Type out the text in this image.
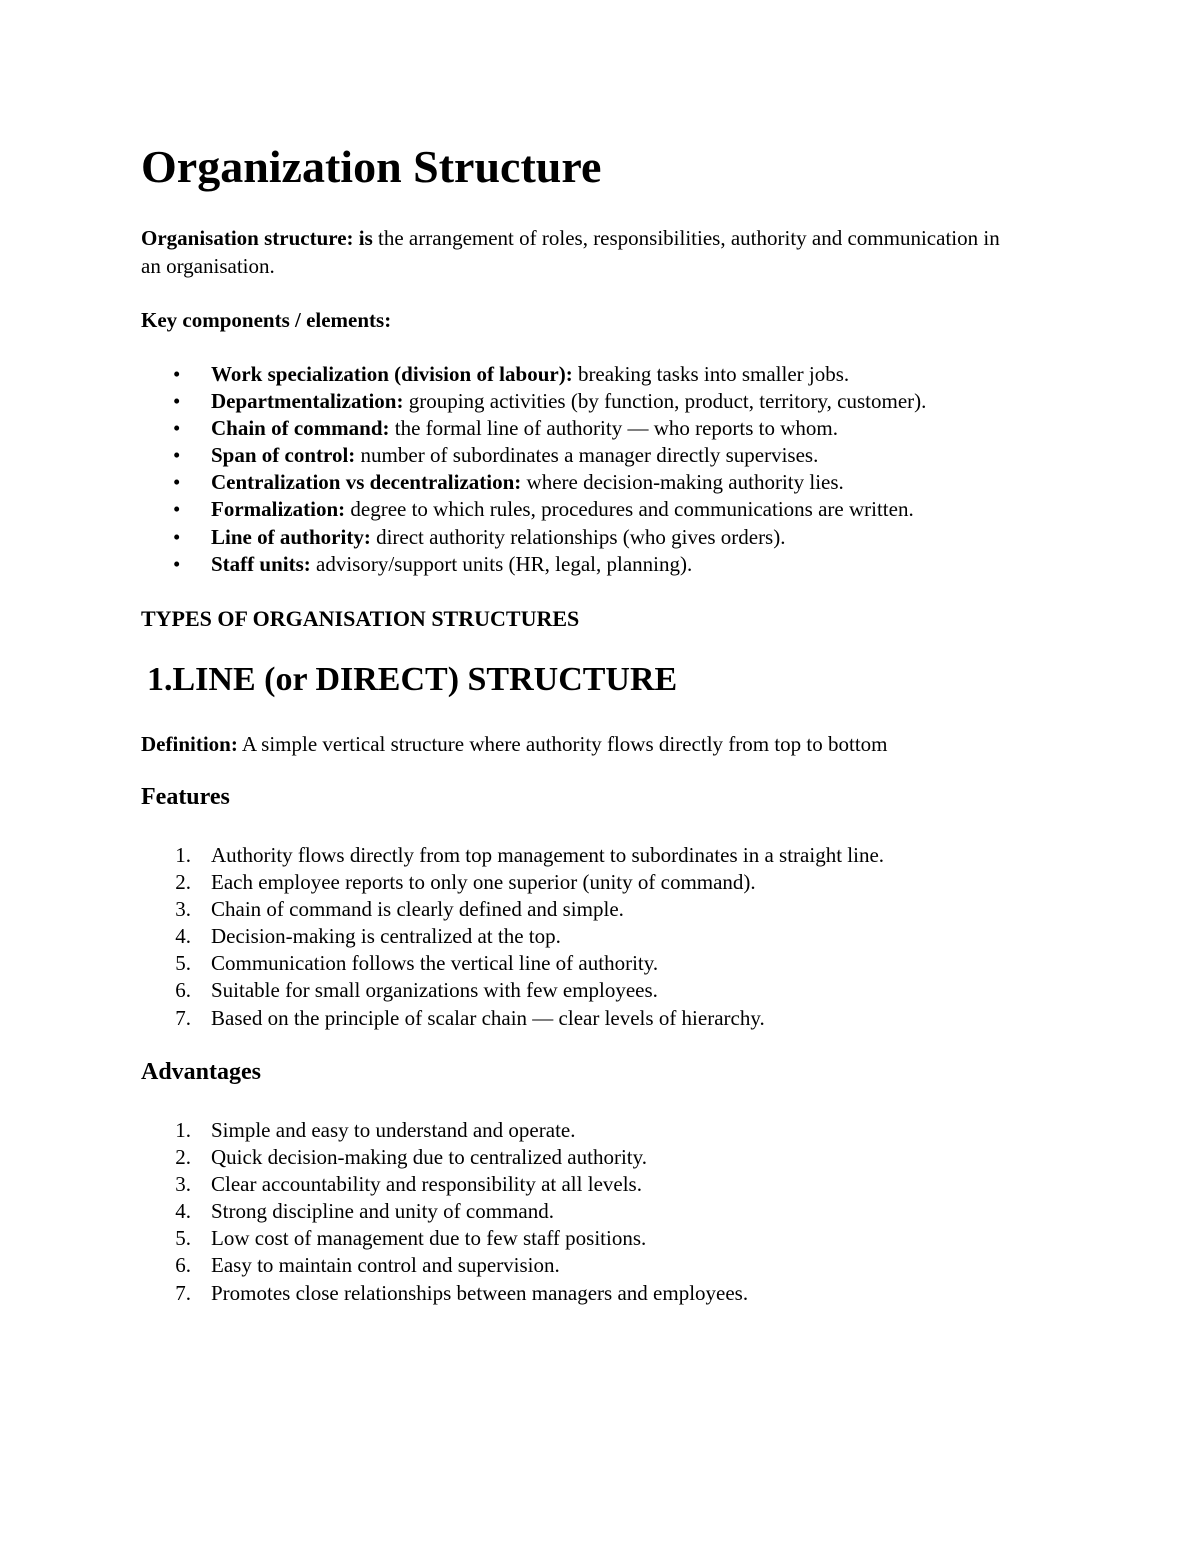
Organization Structure

Organisation structure: is the arrangement of roles, responsibilities, authority and communication in an organisation.

Key components / elements:

• Work specialization (division of labour): breaking tasks into smaller jobs.
• Departmentalization: grouping activities (by function, product, territory, customer).
• Chain of command: the formal line of authority — who reports to whom.
• Span of control: number of subordinates a manager directly supervises.
• Centralization vs decentralization: where decision-making authority lies.
• Formalization: degree to which rules, procedures and communications are written.
• Line of authority: direct authority relationships (who gives orders).
• Staff units: advisory/support units (HR, legal, planning).
TYPES OF ORGANISATION STRUCTURES
1.LINE (or DIRECT) STRUCTURE

Definition: A simple vertical structure where authority flows directly from top to bottom

Features
1. Authority flows directly from top management to subordinates in a straight line.
2. Each employee reports to only one superior (unity of command).
3. Chain of command is clearly defined and simple.
4. Decision-making is centralized at the top.
5. Communication follows the vertical line of authority.
6. Suitable for small organizations with few employees.
7. Based on the principle of scalar chain — clear levels of hierarchy.
Advantages
1. Simple and easy to understand and operate.
2. Quick decision-making due to centralized authority.
3. Clear accountability and responsibility at all levels.
4. Strong discipline and unity of command.
5. Low cost of management due to few staff positions.
6. Easy to maintain control and supervision.
7. Promotes close relationships between managers and employees.
